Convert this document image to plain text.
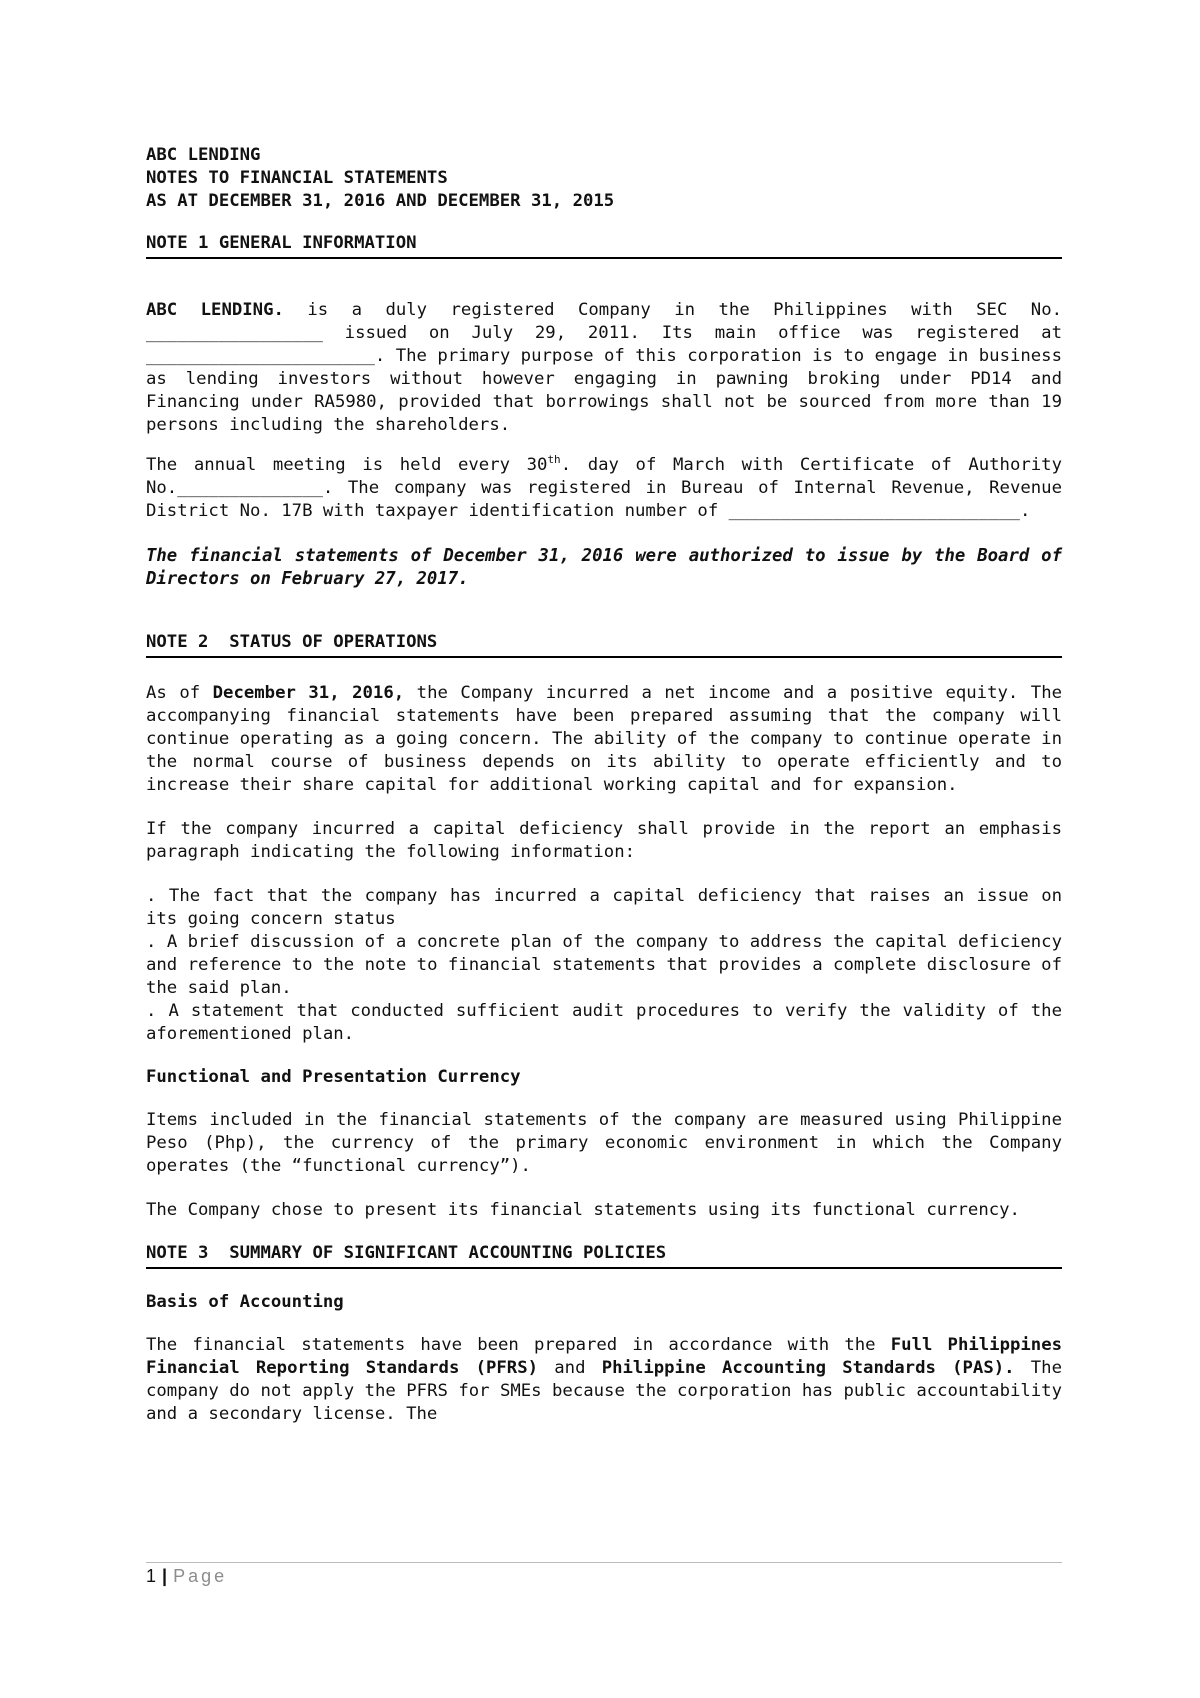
ABC LENDING

NOTES TO FINANCIAL STATEMENTS

AS AT DECEMBER 31, 2016 AND DECEMBER 31, 2015

NOTE 1 GENERAL INFORMATION

ABC LENDING. is a duly registered Company in the Philippines with SEC No. _________________ issued on July 29, 2011. Its main office was registered at ______________________. The primary purpose of this corporation is to engage in business as lending investors without however engaging in pawning broking under PD14 and Financing under RA5980, provided that borrowings shall not be sourced from more than 19 persons including the shareholders.

The annual meeting is held every 30th. day of March with Certificate of Authority No.______________. The company was registered in Bureau of Internal Revenue, Revenue District No. 17B with taxpayer identification number of ____________________________.

The financial statements of December 31, 2016 were authorized to issue by the Board of Directors on February 27, 2017.

NOTE 2  STATUS OF OPERATIONS

As of December 31, 2016, the Company incurred a net income and a positive equity. The accompanying financial statements have been prepared assuming that the company will continue operating as a going concern. The ability of the company to continue operate in the normal course of business depends on its ability to operate efficiently and to increase their share capital for additional working capital and for expansion.

If the company incurred a capital deficiency shall provide in the report an emphasis paragraph indicating the following information:

. The fact that the company has incurred a capital deficiency that raises an issue on its going concern status

. A brief discussion of a concrete plan of the company to address the capital deficiency and reference to the note to financial statements that provides a complete disclosure of the said plan.

. A statement that conducted sufficient audit procedures to verify the validity of the aforementioned plan.

Functional and Presentation Currency

Items included in the financial statements of the company are measured using Philippine Peso (Php), the currency of the primary economic environment in which the Company operates (the “functional currency”).

The Company chose to present its financial statements using its functional currency.

NOTE 3  SUMMARY OF SIGNIFICANT ACCOUNTING POLICIES

Basis of Accounting

The financial statements have been prepared in accordance with the Full Philippines Financial Reporting Standards (PFRS) and Philippine Accounting Standards (PAS). The company do not apply the PFRS for SMEs because the corporation has public accountability and a secondary license. The

1 | Page
